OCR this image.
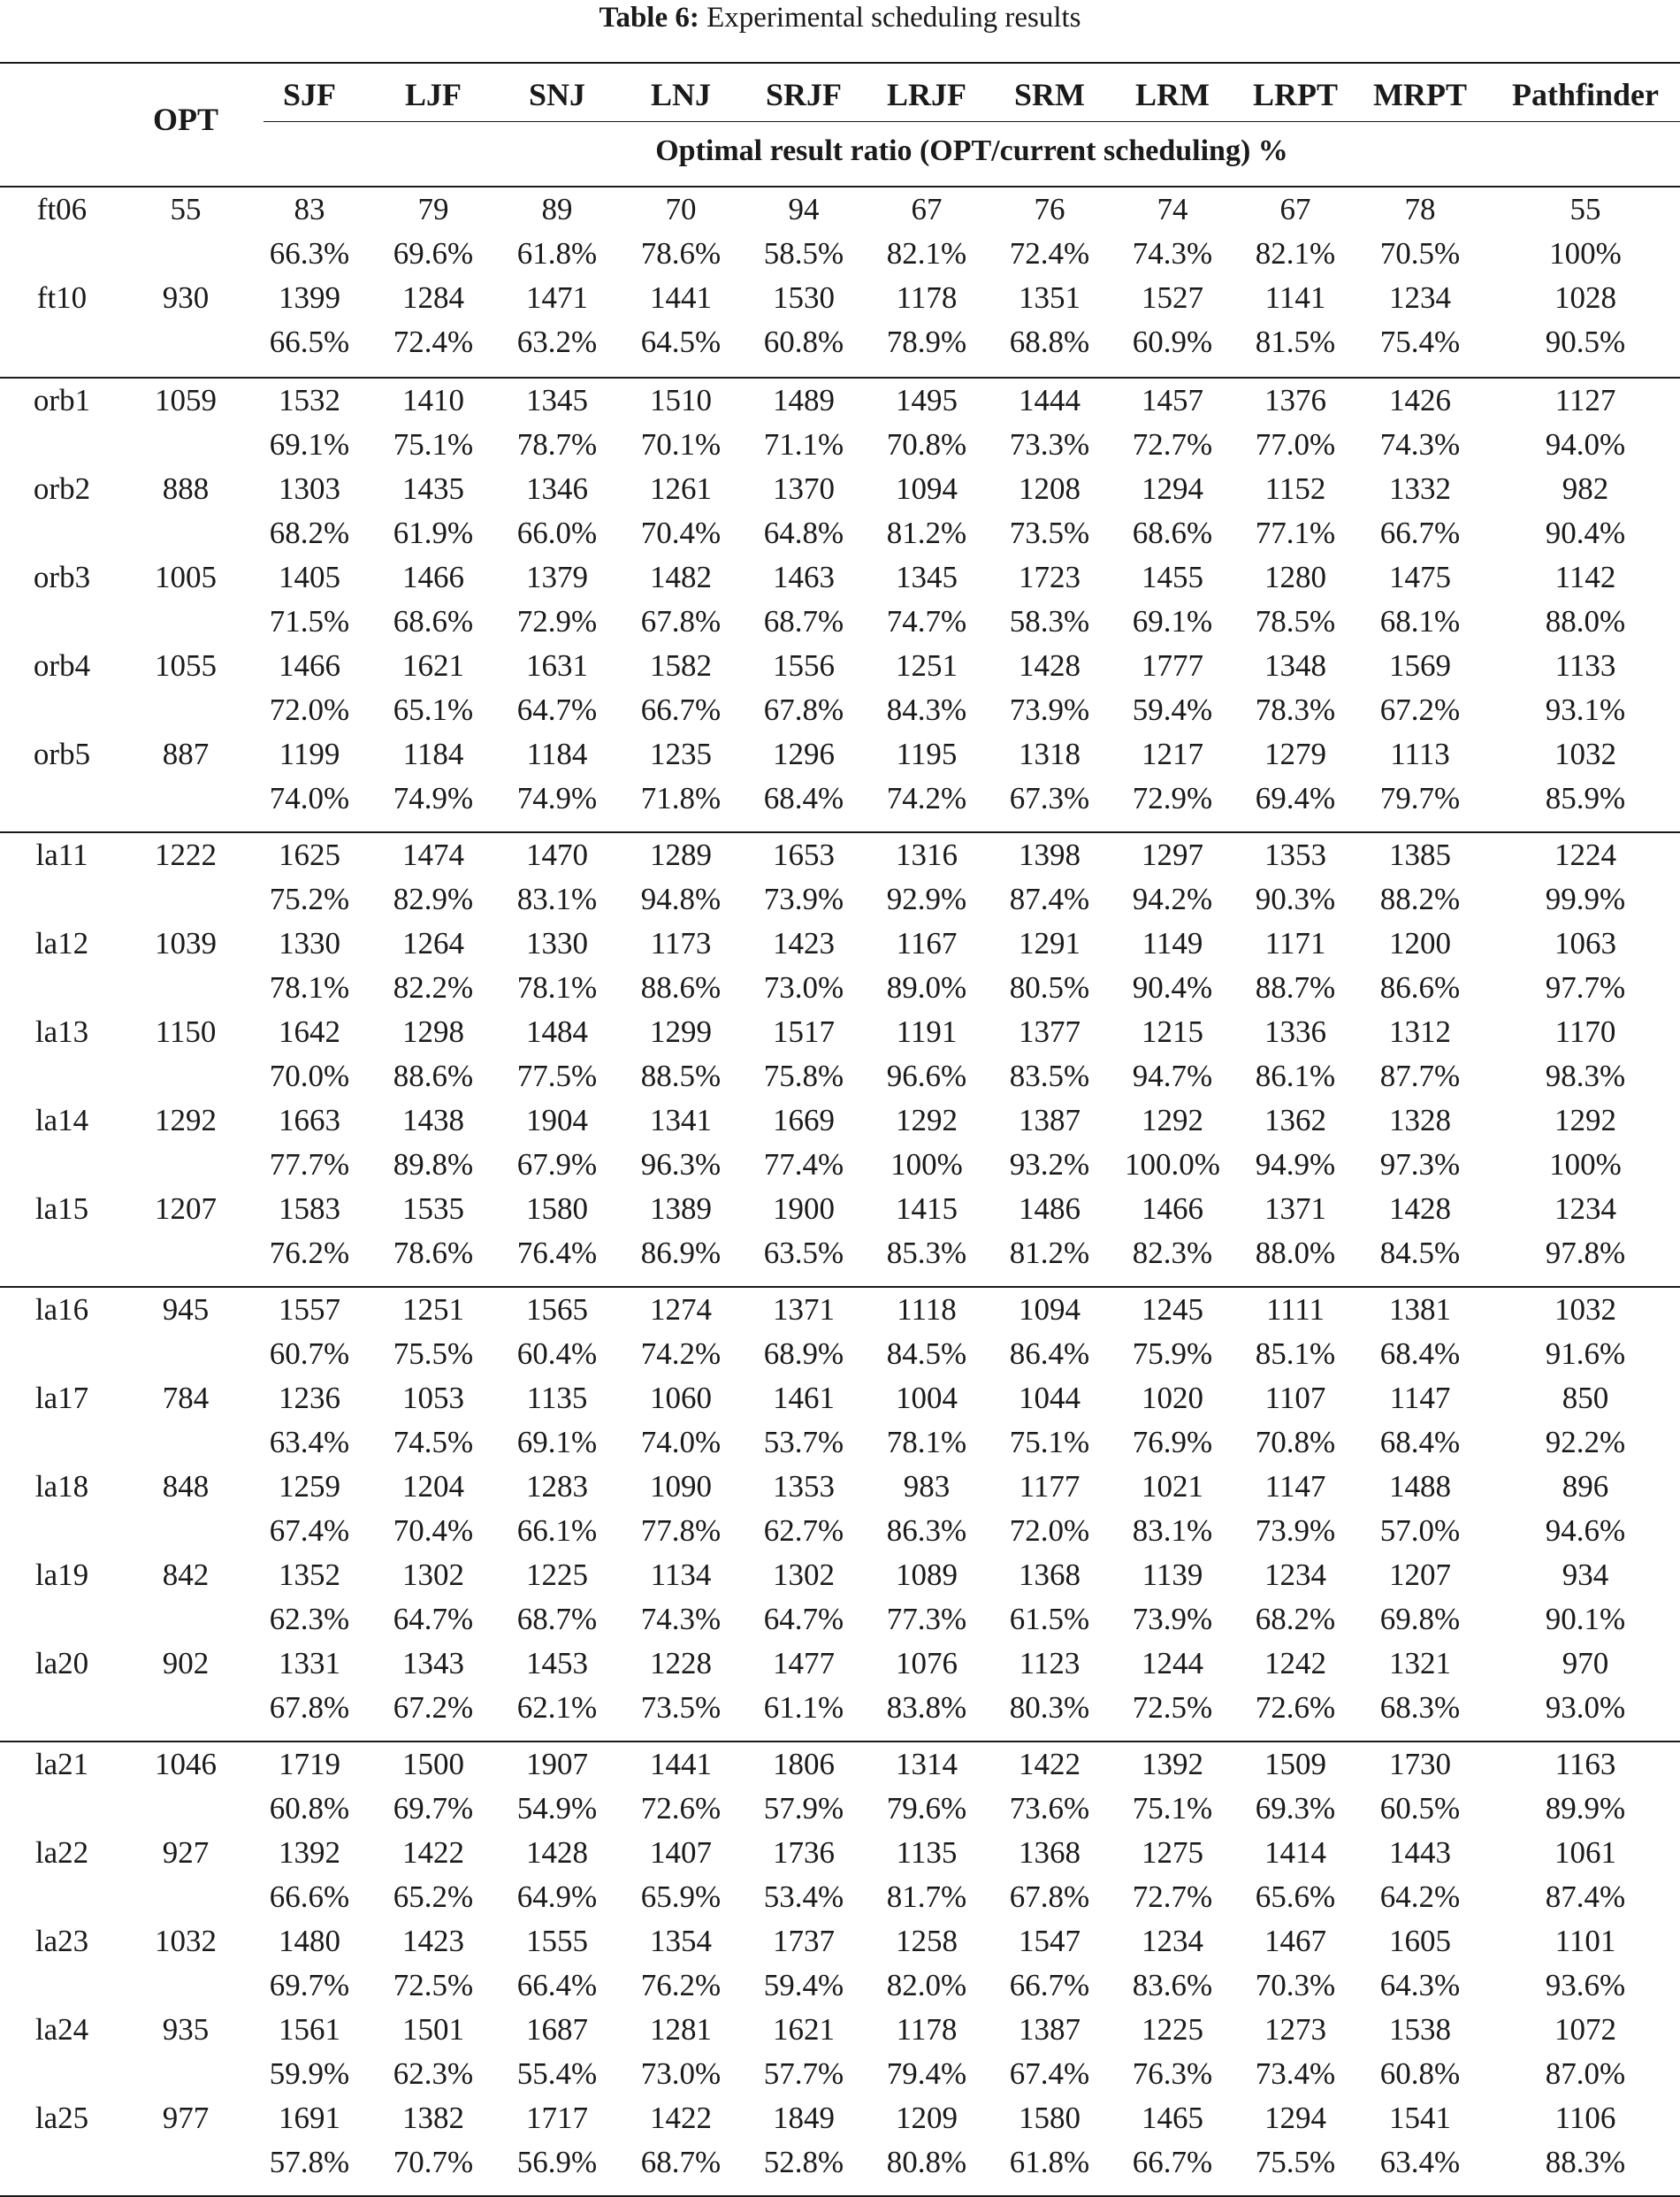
Table 6: Experimental scheduling results
OPT
SJF	LJF	SNJ	LNJ	SRJF	LRJF	SRM	LRM	LRPT	MRPT	Pathfinder
Optimal result ratio (OPT/current scheduling) %
ft06	55	83	79	89	70	94	67	76	74	67	78	55
66.3%	69.6%	61.8%	78.6%	58.5%	82.1%	72.4%	74.3%	82.1%	70.5%	100%
ft10	930	1399	1284	1471	1441	1530	1178	1351	1527	1141	1234	1028
66.5%	72.4%	63.2%	64.5%	60.8%	78.9%	68.8%	60.9%	81.5%	75.4%	90.5%
orb1	1059	1532	1410	1345	1510	1489	1495	1444	1457	1376	1426	1127
69.1%	75.1%	78.7%	70.1%	71.1%	70.8%	73.3%	72.7%	77.0%	74.3%	94.0%
orb2	888	1303	1435	1346	1261	1370	1094	1208	1294	1152	1332	982
68.2%	61.9%	66.0%	70.4%	64.8%	81.2%	73.5%	68.6%	77.1%	66.7%	90.4%
orb3	1005	1405	1466	1379	1482	1463	1345	1723	1455	1280	1475	1142
71.5%	68.6%	72.9%	67.8%	68.7%	74.7%	58.3%	69.1%	78.5%	68.1%	88.0%
orb4	1055	1466	1621	1631	1582	1556	1251	1428	1777	1348	1569	1133
72.0%	65.1%	64.7%	66.7%	67.8%	84.3%	73.9%	59.4%	78.3%	67.2%	93.1%
orb5	887	1199	1184	1184	1235	1296	1195	1318	1217	1279	1113	1032
74.0%	74.9%	74.9%	71.8%	68.4%	74.2%	67.3%	72.9%	69.4%	79.7%	85.9%
la11	1222	1625	1474	1470	1289	1653	1316	1398	1297	1353	1385	1224
75.2%	82.9%	83.1%	94.8%	73.9%	92.9%	87.4%	94.2%	90.3%	88.2%	99.9%
la12	1039	1330	1264	1330	1173	1423	1167	1291	1149	1171	1200	1063
78.1%	82.2%	78.1%	88.6%	73.0%	89.0%	80.5%	90.4%	88.7%	86.6%	97.7%
la13	1150	1642	1298	1484	1299	1517	1191	1377	1215	1336	1312	1170
70.0%	88.6%	77.5%	88.5%	75.8%	96.6%	83.5%	94.7%	86.1%	87.7%	98.3%
la14	1292	1663	1438	1904	1341	1669	1292	1387	1292	1362	1328	1292
77.7%	89.8%	67.9%	96.3%	77.4%	100%	93.2%	100.0%	94.9%	97.3%	100%
la15	1207	1583	1535	1580	1389	1900	1415	1486	1466	1371	1428	1234
76.2%	78.6%	76.4%	86.9%	63.5%	85.3%	81.2%	82.3%	88.0%	84.5%	97.8%
la16	945	1557	1251	1565	1274	1371	1118	1094	1245	1111	1381	1032
60.7%	75.5%	60.4%	74.2%	68.9%	84.5%	86.4%	75.9%	85.1%	68.4%	91.6%
la17	784	1236	1053	1135	1060	1461	1004	1044	1020	1107	1147	850
63.4%	74.5%	69.1%	74.0%	53.7%	78.1%	75.1%	76.9%	70.8%	68.4%	92.2%
la18	848	1259	1204	1283	1090	1353	983	1177	1021	1147	1488	896
67.4%	70.4%	66.1%	77.8%	62.7%	86.3%	72.0%	83.1%	73.9%	57.0%	94.6%
la19	842	1352	1302	1225	1134	1302	1089	1368	1139	1234	1207	934
62.3%	64.7%	68.7%	74.3%	64.7%	77.3%	61.5%	73.9%	68.2%	69.8%	90.1%
la20	902	1331	1343	1453	1228	1477	1076	1123	1244	1242	1321	970
67.8%	67.2%	62.1%	73.5%	61.1%	83.8%	80.3%	72.5%	72.6%	68.3%	93.0%
la21	1046	1719	1500	1907	1441	1806	1314	1422	1392	1509	1730	1163
60.8%	69.7%	54.9%	72.6%	57.9%	79.6%	73.6%	75.1%	69.3%	60.5%	89.9%
la22	927	1392	1422	1428	1407	1736	1135	1368	1275	1414	1443	1061
66.6%	65.2%	64.9%	65.9%	53.4%	81.7%	67.8%	72.7%	65.6%	64.2%	87.4%
la23	1032	1480	1423	1555	1354	1737	1258	1547	1234	1467	1605	1101
69.7%	72.5%	66.4%	76.2%	59.4%	82.0%	66.7%	83.6%	70.3%	64.3%	93.6%
la24	935	1561	1501	1687	1281	1621	1178	1387	1225	1273	1538	1072
59.9%	62.3%	55.4%	73.0%	57.7%	79.4%	67.4%	76.3%	73.4%	60.8%	87.0%
la25	977	1691	1382	1717	1422	1849	1209	1580	1465	1294	1541	1106
57.8%	70.7%	56.9%	68.7%	52.8%	80.8%	61.8%	66.7%	75.5%	63.4%	88.3%
